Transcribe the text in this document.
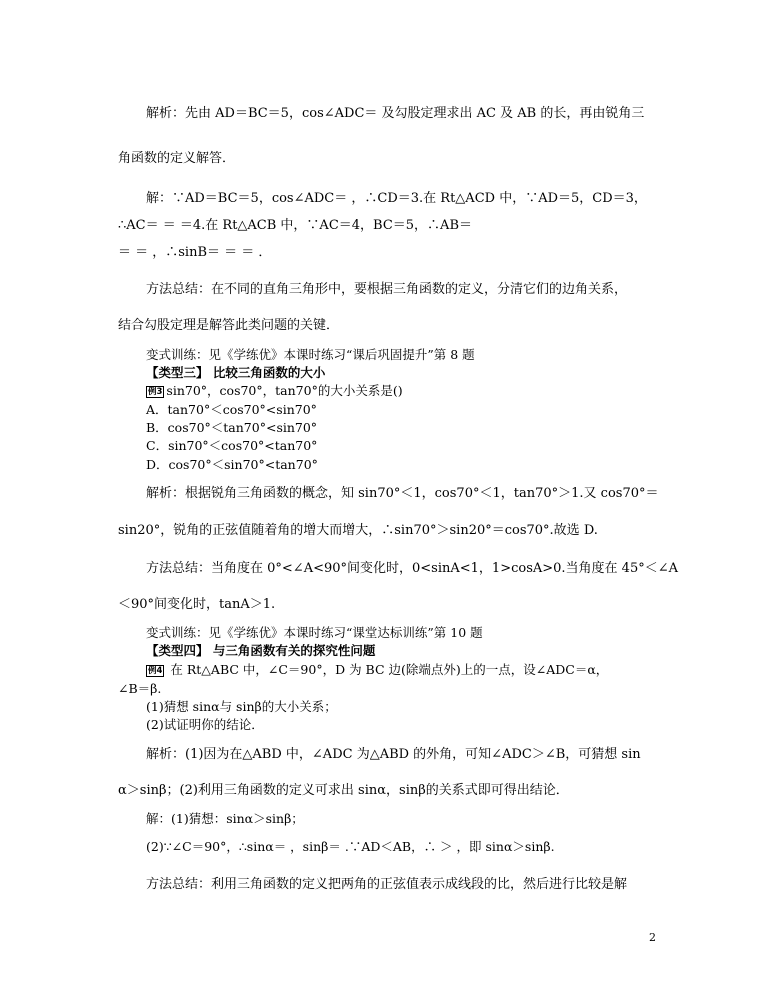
解析：先由 AD＝BC＝5，cos∠ADC＝ 及勾股定理求出 AC 及 AB 的长，再由锐角三
角函数的定义解答．
解：∵AD＝BC＝5，cos∠ADC＝ ，∴CD＝3.在 Rt△ACD 中，∵AD＝5，CD＝3，
∴AC＝ ＝ ＝4.在 Rt△ACB 中，∵AC＝4，BC＝5，∴AB＝
＝ ＝ ，∴sinB＝ ＝ ＝ ．
方法总结：在不同的直角三角形中，要根据三角函数的定义，分清它们的边角关系，
结合勾股定理是解答此类问题的关键．
变式训练：见《学练优》本课时练习“课后巩固提升”第 8 题
【类型三】 比较三角函数的大小
例3 sin70°，cos70°，tan70°的大小关系是()
A．tan70°＜cos70°<sin70°
B．cos70°＜tan70°<sin70°
C．sin70°＜cos70°<tan70°
D．cos70°＜sin70°<tan70°
解析：根据锐角三角函数的概念，知 sin70°＜1，cos70°＜1，tan70°＞1.又 cos70°＝
sin20°，锐角的正弦值随着角的增大而增大，∴sin70°＞sin20°＝cos70°.故选 D.
方法总结：当角度在 0°<∠A<90°间变化时，0<sinA<1，1>cosA>0.当角度在 45°＜∠A
＜90°间变化时，tanA＞1.
变式训练：见《学练优》本课时练习“课堂达标训练”第 10 题
【类型四】 与三角函数有关的探究性问题
例4 在 Rt△ABC 中，∠C＝90°，D 为 BC 边(除端点外)上的一点，设∠ADC＝α，
∠B＝β.
(1)猜想 sinα与 sinβ的大小关系；
(2)试证明你的结论．
解析：(1)因为在△ABD 中，∠ADC 为△ABD 的外角，可知∠ADC＞∠B，可猜想 sin
α＞sinβ；(2)利用三角函数的定义可求出 sinα，sinβ的关系式即可得出结论．
解：(1)猜想：sinα＞sinβ；
(2)∵∠C＝90°，∴sinα＝ ，sinβ＝ .∵AD＜AB，∴ ＞ ，即 sinα＞sinβ.
方法总结：利用三角函数的定义把两角的正弦值表示成线段的比，然后进行比较是解
2
